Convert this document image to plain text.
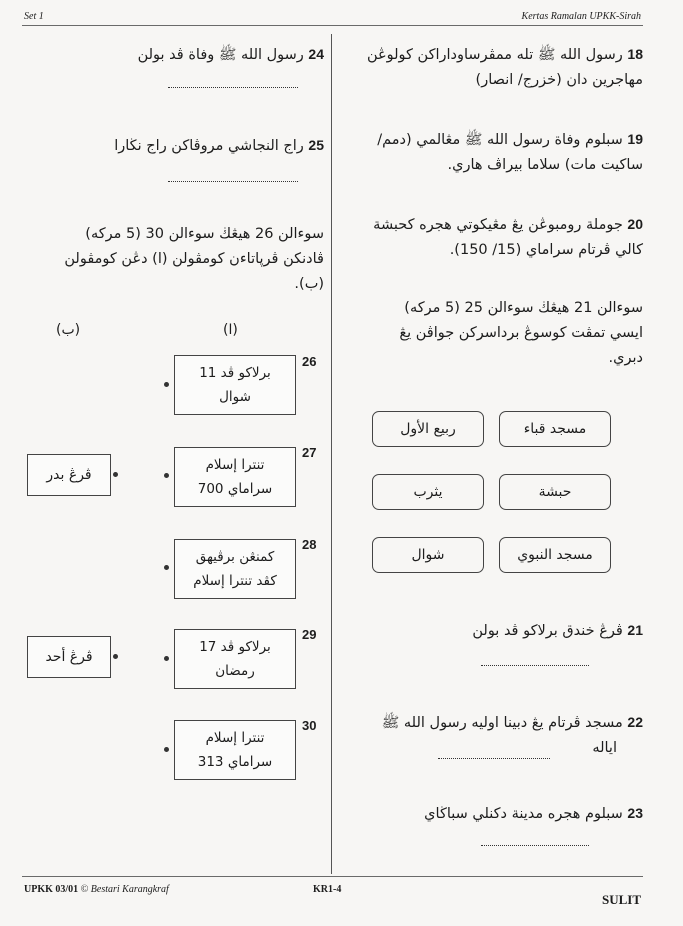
Set 1	Kertas Ramalan UPKK-Sirah
18 رسول الله ﷺ تله ممڤرساوداراكن كولوڠن
مهاجرين دان (خزرج/ انصار)
19 سبلوم وفاة رسول الله ﷺ مڠالمي (دمم/
ساكيت مات) سلاما بيراڤ هاري.
20 جوملة رومبوڠن يڠ مڠيكوتي هجره كحبشة
كالي ڤرتام سراماي (15/ 150).
سوءالن 21 هيڠڬ سوءالن 25 (5 مركه)
ايسي تمڤت كوسوڠ برداسركن جواڤن يڠ
دبري.
مسجد قباء
ربيع الأول
حبشة
يثرب
مسجد النبوي
شوال
21 ڤرڠ خندق برلاكو ڤد بولن
22 مسجد ڤرتام يڠ دبينا اوليه رسول الله ﷺ
اياله
23 سبلوم هجره مدينة دكنلي سباڬاي
24 رسول الله ﷺ وفاة ڤد بولن
25 راج النجاشي مروڤاكن راج نڬارا
سوءالن 26 هيڠڬ سوءالن 30 (5 مركه)
ڤادنكن ڤرڽاتاءن كومڤولن (ا) دڠن كومڤولن
(ب).
(ا)
(ب)
26
برلاكو ڤد 11
شوال
27
تنترا إسلام
سراماي 700
28
كمنڠن برڤيهق
كڤد تنترا إسلام
29
برلاكو ڤد 17
رمضان
30
تنترا إسلام
سراماي 313
ڤرڠ بدر
ڤرڠ أحد
UPKK 03/01 © Bestari Karangkraf	KR1-4
SULIT
